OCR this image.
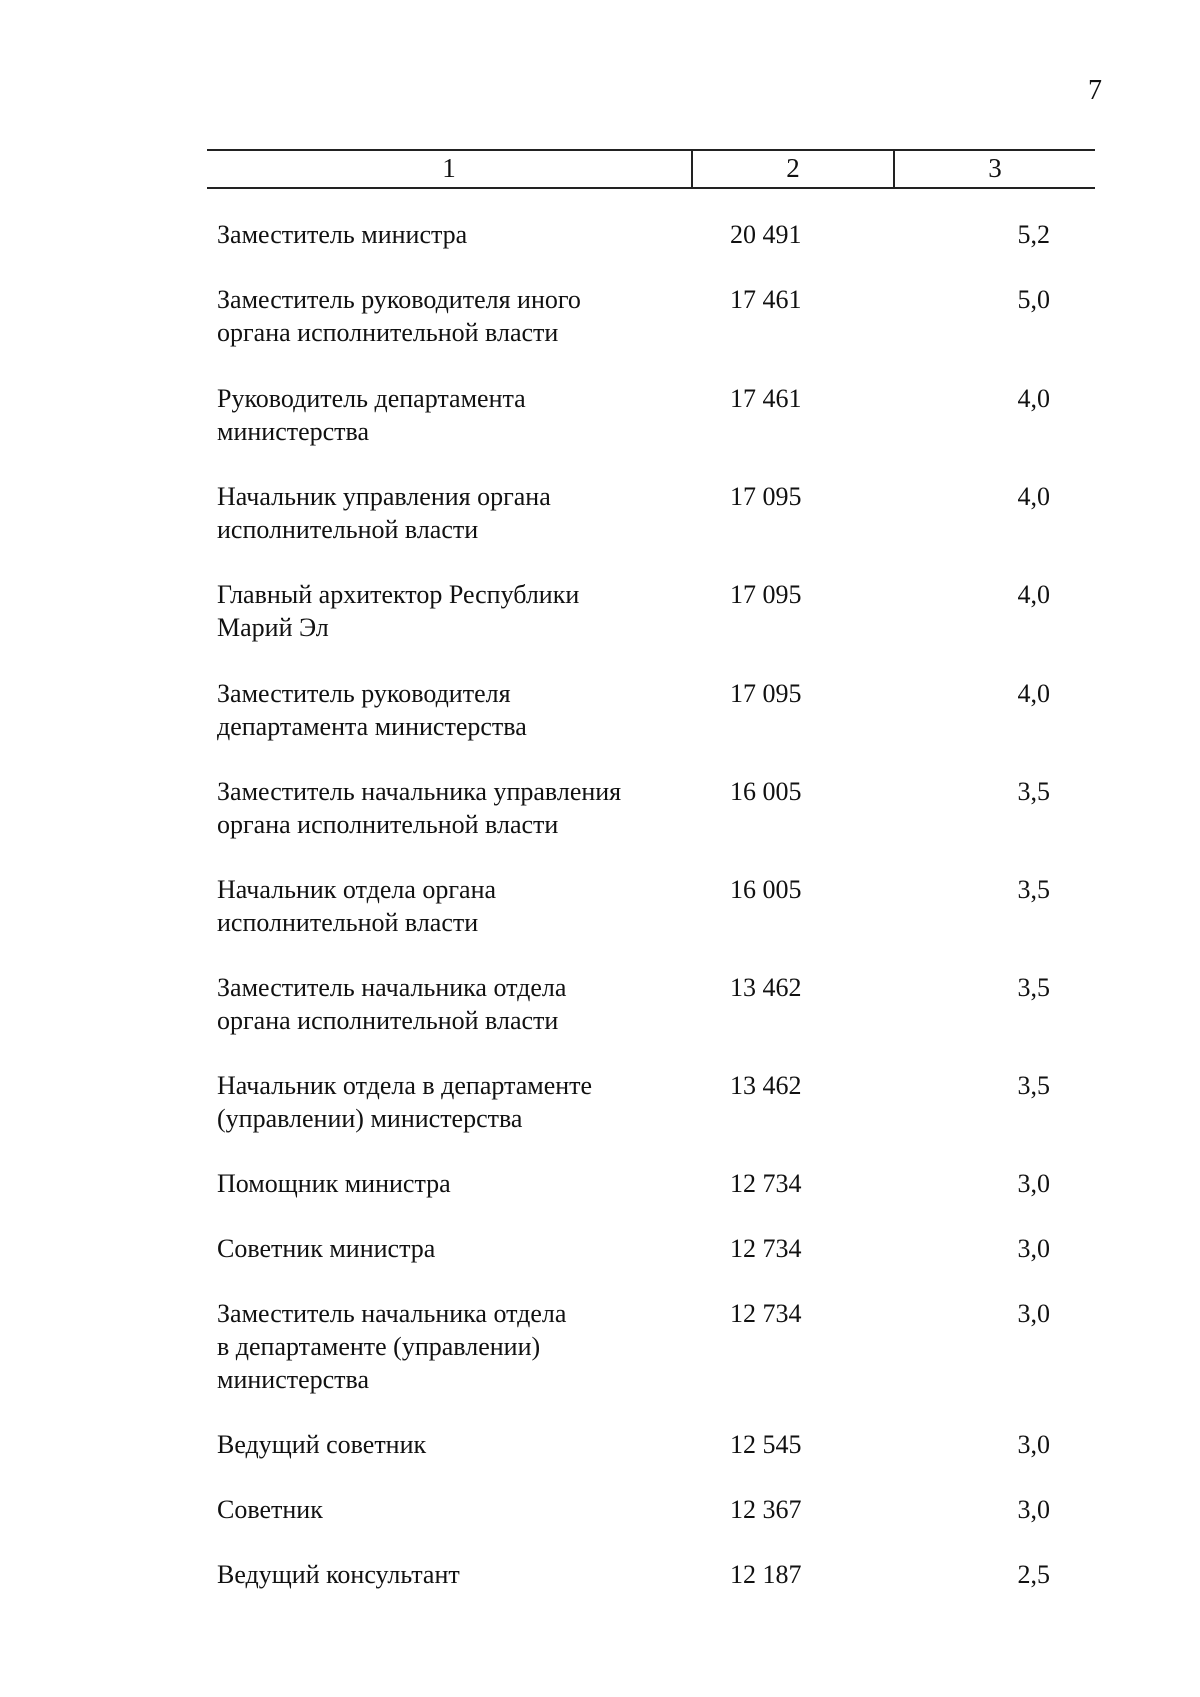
7
1	2	3
Заместитель министра	20 491	5,2
Заместитель руководителя иного
органа исполнительной власти
17 461	5,0
Руководитель департамента
министерства
17 461	4,0
Начальник управления органа
исполнительной власти
17 095	4,0
Главный архитектор Республики
Марий Эл
17 095	4,0
Заместитель руководителя
департамента министерства
17 095	4,0
Заместитель начальника управления
органа исполнительной власти
16 005	3,5
Начальник отдела органа
исполнительной власти
16 005	3,5
Заместитель начальника отдела
органа исполнительной власти
13 462	3,5
Начальник отдела в департаменте
(управлении) министерства
13 462	3,5
Помощник министра	12 734	3,0
Советник министра	12 734	3,0
Заместитель начальника отдела
в департаменте (управлении)
министерства
12 734	3,0
Ведущий советник	12 545	3,0
Советник	12 367	3,0
Ведущий консультант	12 187	2,5
